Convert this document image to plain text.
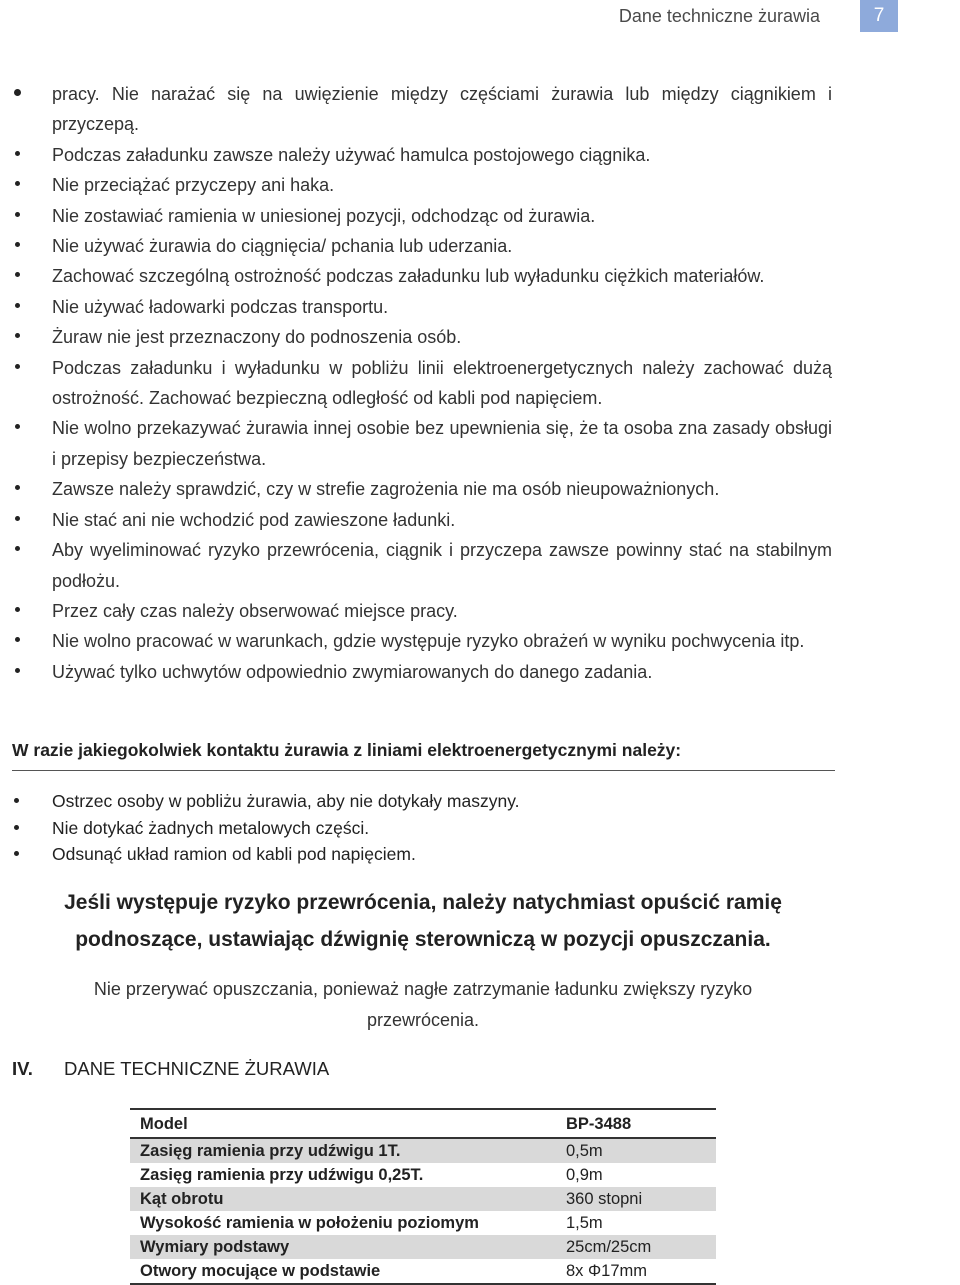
Dane techniczne żurawia	7
pracy. Nie narażać się na uwięzienie między częściami żurawia lub między ciągnikiem i przyczepą.
Podczas załadunku zawsze należy używać hamulca postojowego ciągnika.
Nie przeciążać przyczepy ani haka.
Nie zostawiać ramienia w uniesionej pozycji, odchodząc od żurawia.
Nie używać żurawia do ciągnięcia/ pchania lub uderzania.
Zachować szczególną ostrożność podczas załadunku lub wyładunku ciężkich materiałów.
Nie używać ładowarki podczas transportu.
Żuraw nie jest przeznaczony do podnoszenia osób.
Podczas załadunku i wyładunku w pobliżu linii elektroenergetycznych należy zachować dużą ostrożność. Zachować bezpieczną odległość od kabli pod napięciem.
Nie wolno przekazywać żurawia innej osobie bez upewnienia się, że ta osoba zna zasady obsługi i przepisy bezpieczeństwa.
Zawsze należy sprawdzić, czy w strefie zagrożenia nie ma osób nieupoważnionych.
Nie stać ani nie wchodzić pod zawieszone ładunki.
Aby wyeliminować ryzyko przewrócenia, ciągnik i przyczepa zawsze powinny stać na stabilnym podłożu.
Przez cały czas należy obserwować miejsce pracy.
Nie wolno pracować w warunkach, gdzie występuje ryzyko obrażeń w wyniku pochwycenia itp.
Używać tylko uchwytów odpowiednio zwymiarowanych do danego zadania.
W razie jakiegokolwiek kontaktu żurawia z liniami elektroenergetycznymi należy:
Ostrzec osoby w pobliżu żurawia, aby nie dotykały maszyny.
Nie dotykać żadnych metalowych części.
Odsunąć układ ramion od kabli pod napięciem.
Jeśli występuje ryzyko przewrócenia, należy natychmiast opuścić ramię
podnoszące, ustawiając dźwignię sterowniczą w pozycji opuszczania.
Nie przerywać opuszczania, ponieważ nagłe zatrzymanie ładunku zwiększy ryzyko
przewrócenia.
IV. DANE TECHNICZNE ŻURAWIA
Model	BP-3488
Zasięg ramienia przy udźwigu 1T.	0,5m
Zasięg ramienia przy udźwigu 0,25T.	0,9m
Kąt obrotu	360 stopni
Wysokość ramienia w położeniu poziomym	1,5m
Wymiary podstawy	25cm/25cm
Otwory mocujące w podstawie	8x Φ17mm
